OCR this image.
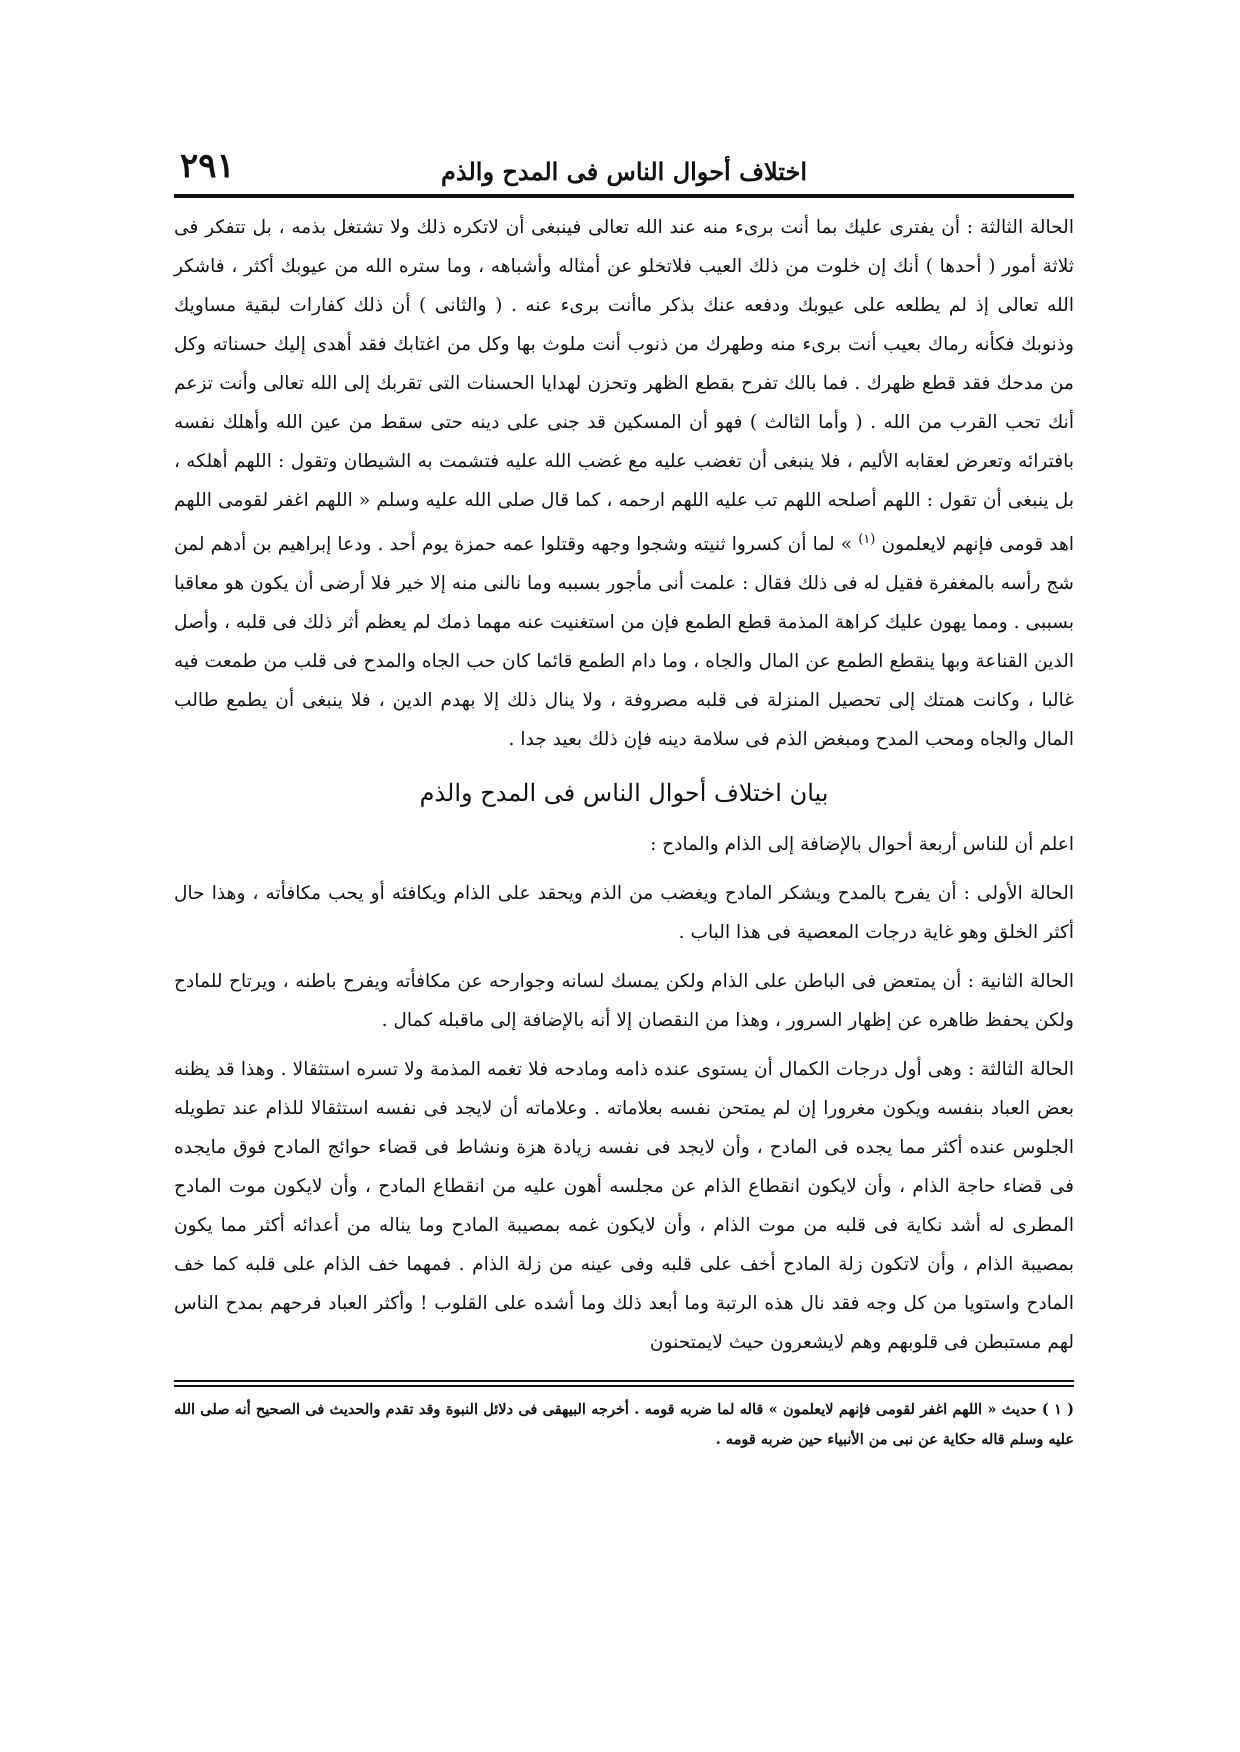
٢٩١	اختلاف أحوال الناس فى المدح والذم

الحالة الثالثة : أن يفترى عليك بما أنت برىء منه عند الله تعالى فينبغى أن لاتكره ذلك ولا تشتغل بذمه ، بل تتفكر فى ثلاثة أمور ( أحدها ) أنك إن خلوت من ذلك العيب فلاتخلو عن أمثاله وأشباهه ، وما ستره الله من عيوبك أكثر ، فاشكر الله تعالى إذ لم يطلعه على عيوبك ودفعه عنك بذكر ماأنت برىء عنه . ( والثانى ) أن ذلك كفارات لبقية مساويك وذنوبك فكأنه رماك بعيب أنت برىء منه وطهرك من ذنوب أنت ملوث بها وكل من اغتابك فقد أهدى إليك حسناته وكل من مدحك فقد قطع ظهرك . فما بالك تفرح بقطع الظهر وتحزن لهدايا الحسنات التى تقربك إلى الله تعالى وأنت تزعم أنك تحب القرب من الله . ( وأما الثالث ) فهو أن المسكين قد جنى على دينه حتى سقط من عين الله وأهلك نفسه بافترائه وتعرض لعقابه الأليم ، فلا ينبغى أن تغضب عليه مع غضب الله عليه فتشمت به الشيطان وتقول : اللهم أهلكه ، بل ينبغى أن تقول : اللهم أصلحه اللهم تب عليه اللهم ارحمه ، كما قال صلى الله عليه وسلم « اللهم اغفر لقومى اللهم اهد قومى فإنهم لايعلمون $^{(١)}$ » لما أن كسروا ثنيته وشجوا وجهه وقتلوا عمه حمزة يوم أحد . ودعا إبراهيم بن أدهم لمن شج رأسه بالمغفرة فقيل له فى ذلك فقال : علمت أنى مأجور بسببه وما نالنى منه إلا خير فلا أرضى أن يكون هو معاقبا بسببى . ومما يهون عليك كراهة المذمة قطع الطمع فإن من استغنيت عنه مهما ذمك لم يعظم أثر ذلك فى قلبه ، وأصل الدين القناعة وبها ينقطع الطمع عن المال والجاه ، وما دام الطمع قائما كان حب الجاه والمدح فى قلب من طمعت فيه غالبا ، وكانت همتك إلى تحصيل المنزلة فى قلبه مصروفة ، ولا ينال ذلك إلا بهدم الدين ، فلا ينبغى أن يطمع طالب المال والجاه ومحب المدح ومبغض الذم فى سلامة دينه فإن ذلك بعيد جدا .

بيان اختلاف أحوال الناس فى المدح والذم

اعلم أن للناس أربعة أحوال بالإضافة إلى الذام والمادح :

الحالة الأولى : أن يفرح بالمدح ويشكر المادح ويغضب من الذم ويحقد على الذام ويكافئه أو يحب مكافأته ، وهذا حال أكثر الخلق وهو غاية درجات المعصية فى هذا الباب .

الحالة الثانية : أن يمتعض فى الباطن على الذام ولكن يمسك لسانه وجوارحه عن مكافأته ويفرح باطنه ، ويرتاح للمادح ولكن يحفظ ظاهره عن إظهار السرور ، وهذا من النقصان إلا أنه بالإضافة إلى ماقبله كمال .

الحالة الثالثة : وهى أول درجات الكمال أن يستوى عنده ذامه ومادحه فلا تغمه المذمة ولا تسره استثقالا . وهذا قد يظنه بعض العباد بنفسه ويكون مغرورا إن لم يمتحن نفسه بعلاماته . وعلاماته أن لايجد فى نفسه استثقالا للذام عند تطويله الجلوس عنده أكثر مما يجده فى المادح ، وأن لايجد فى نفسه زيادة هزة ونشاط فى قضاء حوائج المادح فوق مايجده فى قضاء حاجة الذام ، وأن لايكون انقطاع الذام عن مجلسه أهون عليه من انقطاع المادح ، وأن لايكون موت المادح المطرى له أشد نكاية فى قلبه من موت الذام ، وأن لايكون غمه بمصيبة المادح وما يناله من أعدائه أكثر مما يكون بمصيبة الذام ، وأن لاتكون زلة المادح أخف على قلبه وفى عينه من زلة الذام . فمهما خف الذام على قلبه كما خف المادح واستويا من كل وجه فقد نال هذه الرتبة وما أبعد ذلك وما أشده على القلوب ! وأكثر العباد فرحهم بمدح الناس لهم مستبطن فى قلوبهم وهم لايشعرون حيث لايمتحنون

( ١ ) حديث « اللهم اغفر لقومى فإنهم لايعلمون » قاله لما ضربه قومه . أخرجه البيهقى فى دلائل النبوة وقد تقدم والحديث فى الصحيح أنه صلى الله عليه وسلم قاله حكاية عن نبى من الأنبياء حين ضربه قومه .
